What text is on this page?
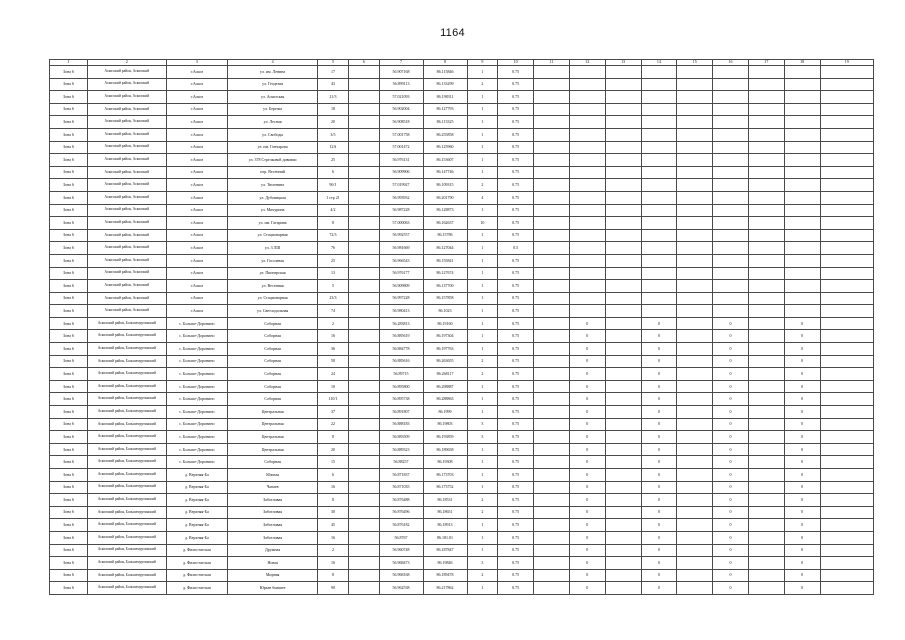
1164
1	2	3	4	5	6	7	8	9	10	11	12	13	14	15	16	17	18	19
Зона 6	Аскизский район, Аскизский	г.Аскиз	ул. им. Ленина	17		56.907168	86.115846	1	0.75									
Зона 6	Аскизский район, Аскизский	г.Аскиз	ул. Геодезия	43		56.899113	86.133299	2	0.75									
Зона 6	Аскизский район, Аскизский	г.Аскиз	ул. Аскизская	21/3		57.021093	86.198311	1	0.75									
Зона 6	Аскизский район, Аскизский	г.Аскиз	ул. Березка	18		56.902004	86.127793	1	0.75									
Зона 6	Аскизский район, Аскизский	г.Аскиз	ул. Лесная	20		56.908518	86.113325	1	0.75									
Зона 6	Аскизский район, Аскизский	г.Аскиз	ул. Свободы	3/5		57.001758	86.255858	1	0.75									
Зона 6	Аскизский район, Аскизский	г.Аскиз	ул. им. Гончарова	12А		57.001472	86.125960	1	0.75									
Зона 6	Аскизский район, Аскизский	г.Аскиз	ул. 378 Стрелковой дивизии	25		56.976131	86.153607	1	0.75									
Зона 6	Аскизский район, Аскизский	г.Аскиз	пер. Весенний	6		56.909906	86.147746	1	0.75									
Зона 6	Аскизский район, Аскизский	г.Аскиз	ул. Тюленина	90/1		57.019927	86.109315	2	0.75									
Зона 6	Аскизский район, Аскизский	г.Аскиз	ул. Дубовицкая	1 стр 21		56.993932	86.201790	4	0.75									
Зона 6	Аскизский район, Аскизский	г.Аскиз	ул. Мичурина	4/2		56.987228	86.128873	1	0.75									
Зона 6	Аскизский район, Аскизский	г.Аскиз	ул. им. Гагарина	8		57.000063	86.162637	10	0.75									
Зона 6	Аскизский район, Аскизский	г.Аскиз	ул. Стационарная	72/3		56.992557	86.15786	1	0.75									
Зона 6	Аскизский район, Аскизский	г.Аскиз	ул. 3 ЛШ	76		56.981669	86.127044	1	0.5									
Зона 6	Аскизский район, Аскизский	г.Аскиз	ул. Гоголевая	25		56.966543	86.155841	1	0.75									
Зона 6	Аскизский район, Аскизский	г.Аскиз	ул. Пионерская	13		56.976177	86.127674	1	0.75									
Зона 6	Аскизский район, Аскизский	г.Аскиз	ул. Весенняя	5		56.909809	86.137700	1	0.75									
Зона 6	Аскизский район, Аскизский	г.Аскиз	ул. Стационарная	23/3		56.997228	86.157858	1	0.75									
Зона 6	Аскизский район, Аскизский	г.Аскиз	ул. Светлодольная	74		56.980413	86.1023	1	0.75									
Зона 6	Аскизский район, Большемуртинский	с. Больше-Доронино	Соборная	2		56.283813	86.19160	1	0.75		0		0		0		0	
Зона 6	Аскизский район, Большемуртинский	с. Больше-Доронино	Соборная	16		56.885619	86.197304	1	0.75		0		0		0		0	
Зона 6	Аскизский район, Большемуртинский	с. Больше-Доронино	Соборная	36		56.884778	86.197763	1	0.75		0		0		0		0	
Зона 6	Аскизский район, Большемуртинский	с. Больше-Доронино	Соборная	58		56.885616	86.263655	2	0.75		0		0		0		0	
Зона 6	Аскизский район, Большемуртинский	с. Больше-Доронино	Соборная	24		56.89715	86.268117	2	0.75		0		0		0		0	
Зона 6	Аскизский район, Большемуртинский	с. Больше-Доронино	Соборная	10		56.895800	86.298887	1	0.75		0		0		0		0	
Зона 6	Аскизский район, Большемуртинский	с. Больше-Доронино	Соборная	110/1		56.895738	86.288863	1	0.75		0		0		0		0	
Зона 6	Аскизский район, Большемуртинский	с. Больше-Доронино	Центральная	37		56.891807	86.1999	1	0.75		0		0		0		0	
Зона 6	Аскизский район, Большемуртинский	с. Больше-Доронино	Центральная	22		56.888183	86.19803	3	0.75		0		0		0		0	
Зона 6	Аскизский район, Большемуртинский	с. Больше-Доронино	Центральная	8		56.883509	86.193859	3	0.75		0		0		0		0	
Зона 6	Аскизский район, Большемуртинский	с. Больше-Доронино	Центральная	20		56.889323	86.189658	1	0.75		0		0		0		0	
Зона 6	Аскизский район, Большемуртинский	с. Больше-Доронино	Соборная	15		56.88257	86.19308	1	0.75		0		0		0		0	
Зона 6	Аскизский район, Большемуртинский	д. Верхняя-Ба	Южная	6		56.871837	86.173703	1	0.75		0		0		0		0	
Зона 6	Аскизский район, Большемуртинский	д. Верхняя-Ба	Чапаев	16		56.871035	86.173752	1	0.75		0		0		0		0	
Зона 6	Аскизский район, Большемуртинский	д. Верхняя-Ба	Заботливая	8		56.876488	86.18531	2	0.75		0		0		0		0	
Зона 6	Аскизский район, Большемуртинский	д. Верхняя-Ба	Заботливая	30		56.876496	86.18651	2	0.75		0		0		0		0	
Зона 6	Аскизский район, Большемуртинский	д. Верхняя-Ба	Заботливая	45		56.876182	86.18913	1	0.75		0		0		0		0	
Зона 6	Аскизский район, Большемуртинский	д. Верхняя-Ба	Заботливая	16		56.8767	86.181.01	1	0.75		0		0		0		0	
Зона 6	Аскизский район, Большемуртинский	д. Филистатская	Дружная	2		56.960748	86.187847	1	0.75		0		0		0		0	
Зона 6	Аскизский район, Большемуртинский	д. Филистатская	Новая	16		56.968473	86.19846	3	0.75		0		0		0		0	
Зона 6	Аскизский район, Большемуртинский	д. Филистатская	Мирная	8		56.968168	86.189478	2	0.75		0		0		0		0	
Зона 6	Аскизский район, Большемуртинский	д. Филистатская	Юрьев бывшее	90		56.962538	86.217862	1	0.75		0		0		0		0	
